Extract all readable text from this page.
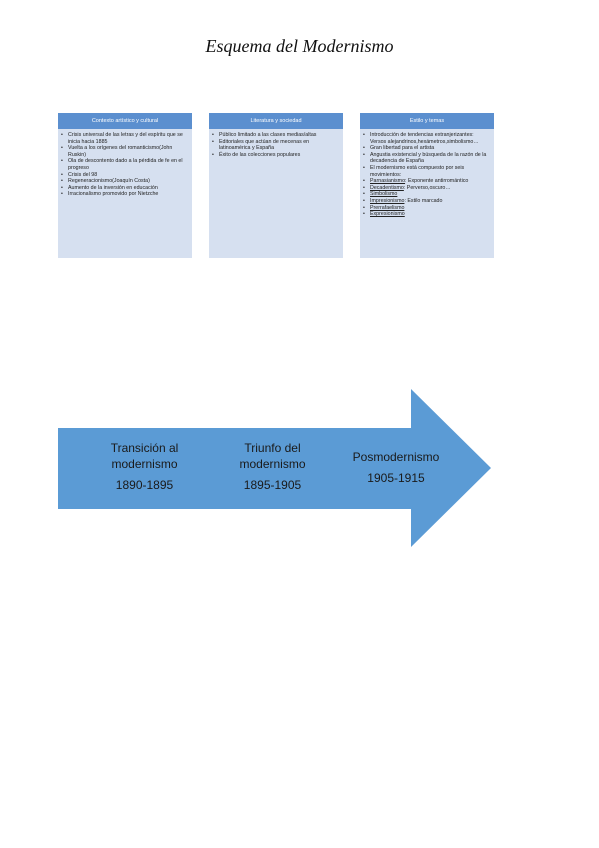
Esquema del Modernismo
Contexto artístico y cultural
• Crisis universal de las letras y del espíritu que se inicia hacia 1885
• Vuelta a los orígenes del romanticismo(John Ruskin)
• Ola de descontento dado a la pérdida de fe en el progreso
• Crisis del 98
• Regeneracionismo(Joaquín Costa)
• Aumento de la inversión en educación
• Irracionalismo promovido por Nietzche
Literatura y sociedad
• Público limitado a las clases medias/altas
• Editoriales que actúan de mecenas en latinoamérica y España
• Éxito de las colecciones populares
Estilo y temas
• Introducción de tendencias extranjerizantes: Versos alejandrinos,hexámetros,simbolismo…
• Gran libertad para el artista
• Angustia existencial y búsqueda de la razón de la decadencia de España
• El modernismo está compuesto por seis movimientos:
• Parnasianismo: Exponente antirromántico
• Decadentismo: Perverso,oscuro…
• Simbolismo
• Impresionismo: Estilo marcado
• Prerrafaelismo
• Expresionismo
Transición al modernismo
1890-1895
Triunfo del modernismo
1895-1905
Posmodernismo
1905-1915
